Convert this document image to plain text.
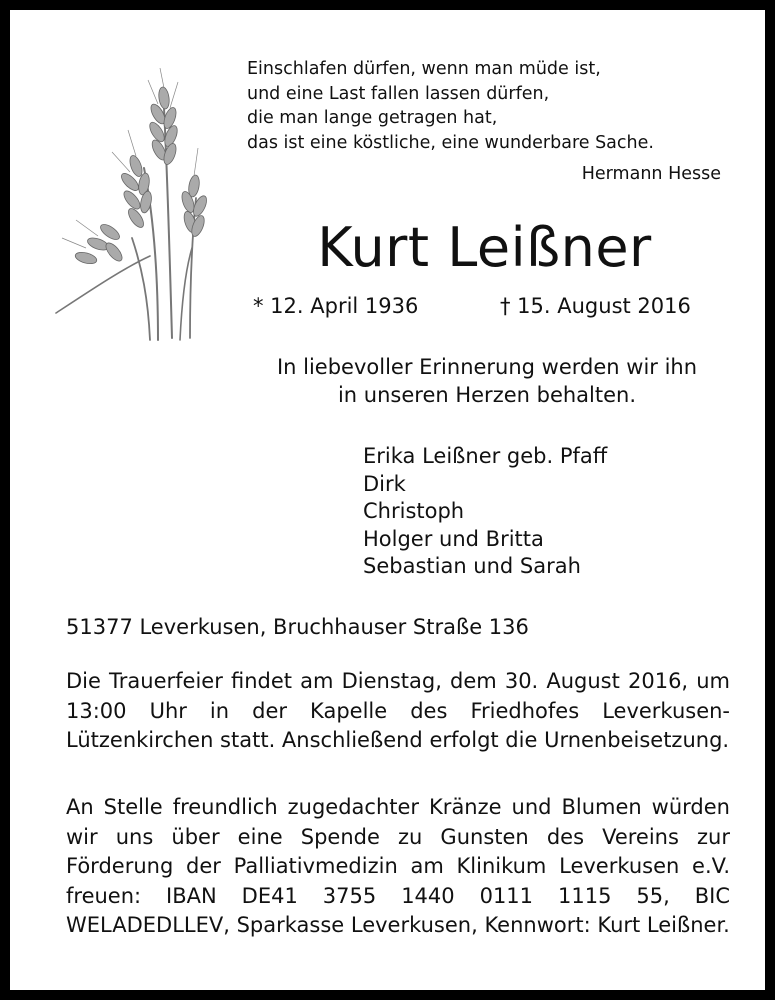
Einschlafen dürfen, wenn man müde ist,
und eine Last fallen lassen dürfen,
die man lange getragen hat,
das ist eine köstliche, eine wunderbare Sache.
Hermann Hesse
Kurt Leißner
* 12. April 1936	† 15. August 2016
In liebevoller Erinnerung werden wir ihn
in unseren Herzen behalten.
Erika Leißner geb. Pfaff
Dirk
Christoph
Holger und Britta
Sebastian und Sarah
51377 Leverkusen, Bruchhauser Straße 136
Die Trauerfeier findet am Dienstag, dem 30. August 2016, um 13:00 Uhr in der Kapelle des Friedhofes Leverkusen-Lützenkirchen statt. Anschließend erfolgt die Urnenbeisetzung.
An Stelle freundlich zugedachter Kränze und Blumen würden wir uns über eine Spende zu Gunsten des Vereins zur Förderung der Palliativmedizin am Klinikum Leverkusen e.V. freuen: IBAN DE41 3755 1440 0111 1115 55, BIC WELADEDLLEV, Sparkasse Leverkusen, Kennwort: Kurt Leißner.
